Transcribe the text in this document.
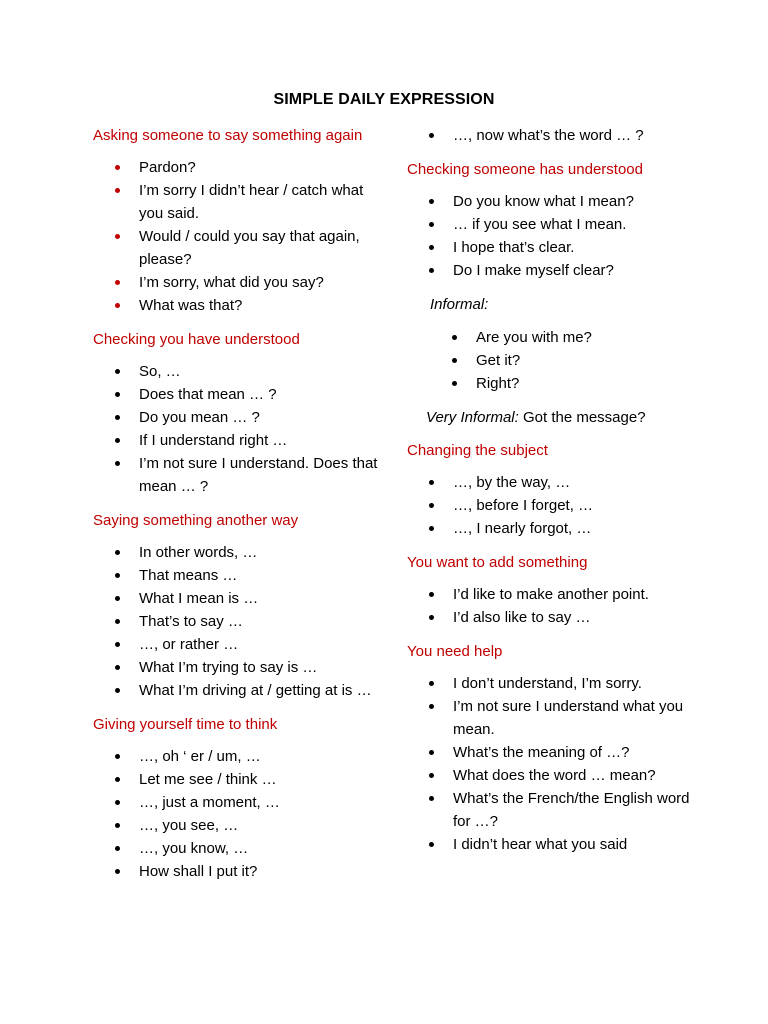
SIMPLE DAILY EXPRESSION
Asking someone to say something again
Pardon?
I’m sorry I didn’t hear / catch what you said.
Would / could you say that again, please?
I’m sorry, what did you say?
What was that?
Checking you have understood
So, …
Does that mean … ?
Do you mean … ?
If I understand right …
I’m not sure I understand. Does that mean … ?
Saying something another way
In other words, …
That means …
What I mean is …
That’s to say …
…, or rather …
What I’m trying to say is …
What I’m driving at / getting at is …
Giving yourself time to think
…, oh ‘ er / um, …
Let me see / think …
…, just a moment, …
…, you see, …
…, you know, …
How shall I put it?
…, now what’s the word … ?
Checking someone has understood
Do you know what I mean?
… if you see what I mean.
I hope that’s clear.
Do I make myself clear?
Informal:
Are you with me?
Get it?
Right?
Very Informal: Got the message?
Changing the subject
…, by the way, …
…, before I forget, …
…, I nearly forgot, …
You want to add something
I’d like to make another point.
I’d also like to say …
You need help
I don’t understand, I’m sorry.
I’m not sure I understand what you mean.
What’s the meaning of …?
What does the word … mean?
What’s the French/the English word for …?
I didn’t hear what you said
